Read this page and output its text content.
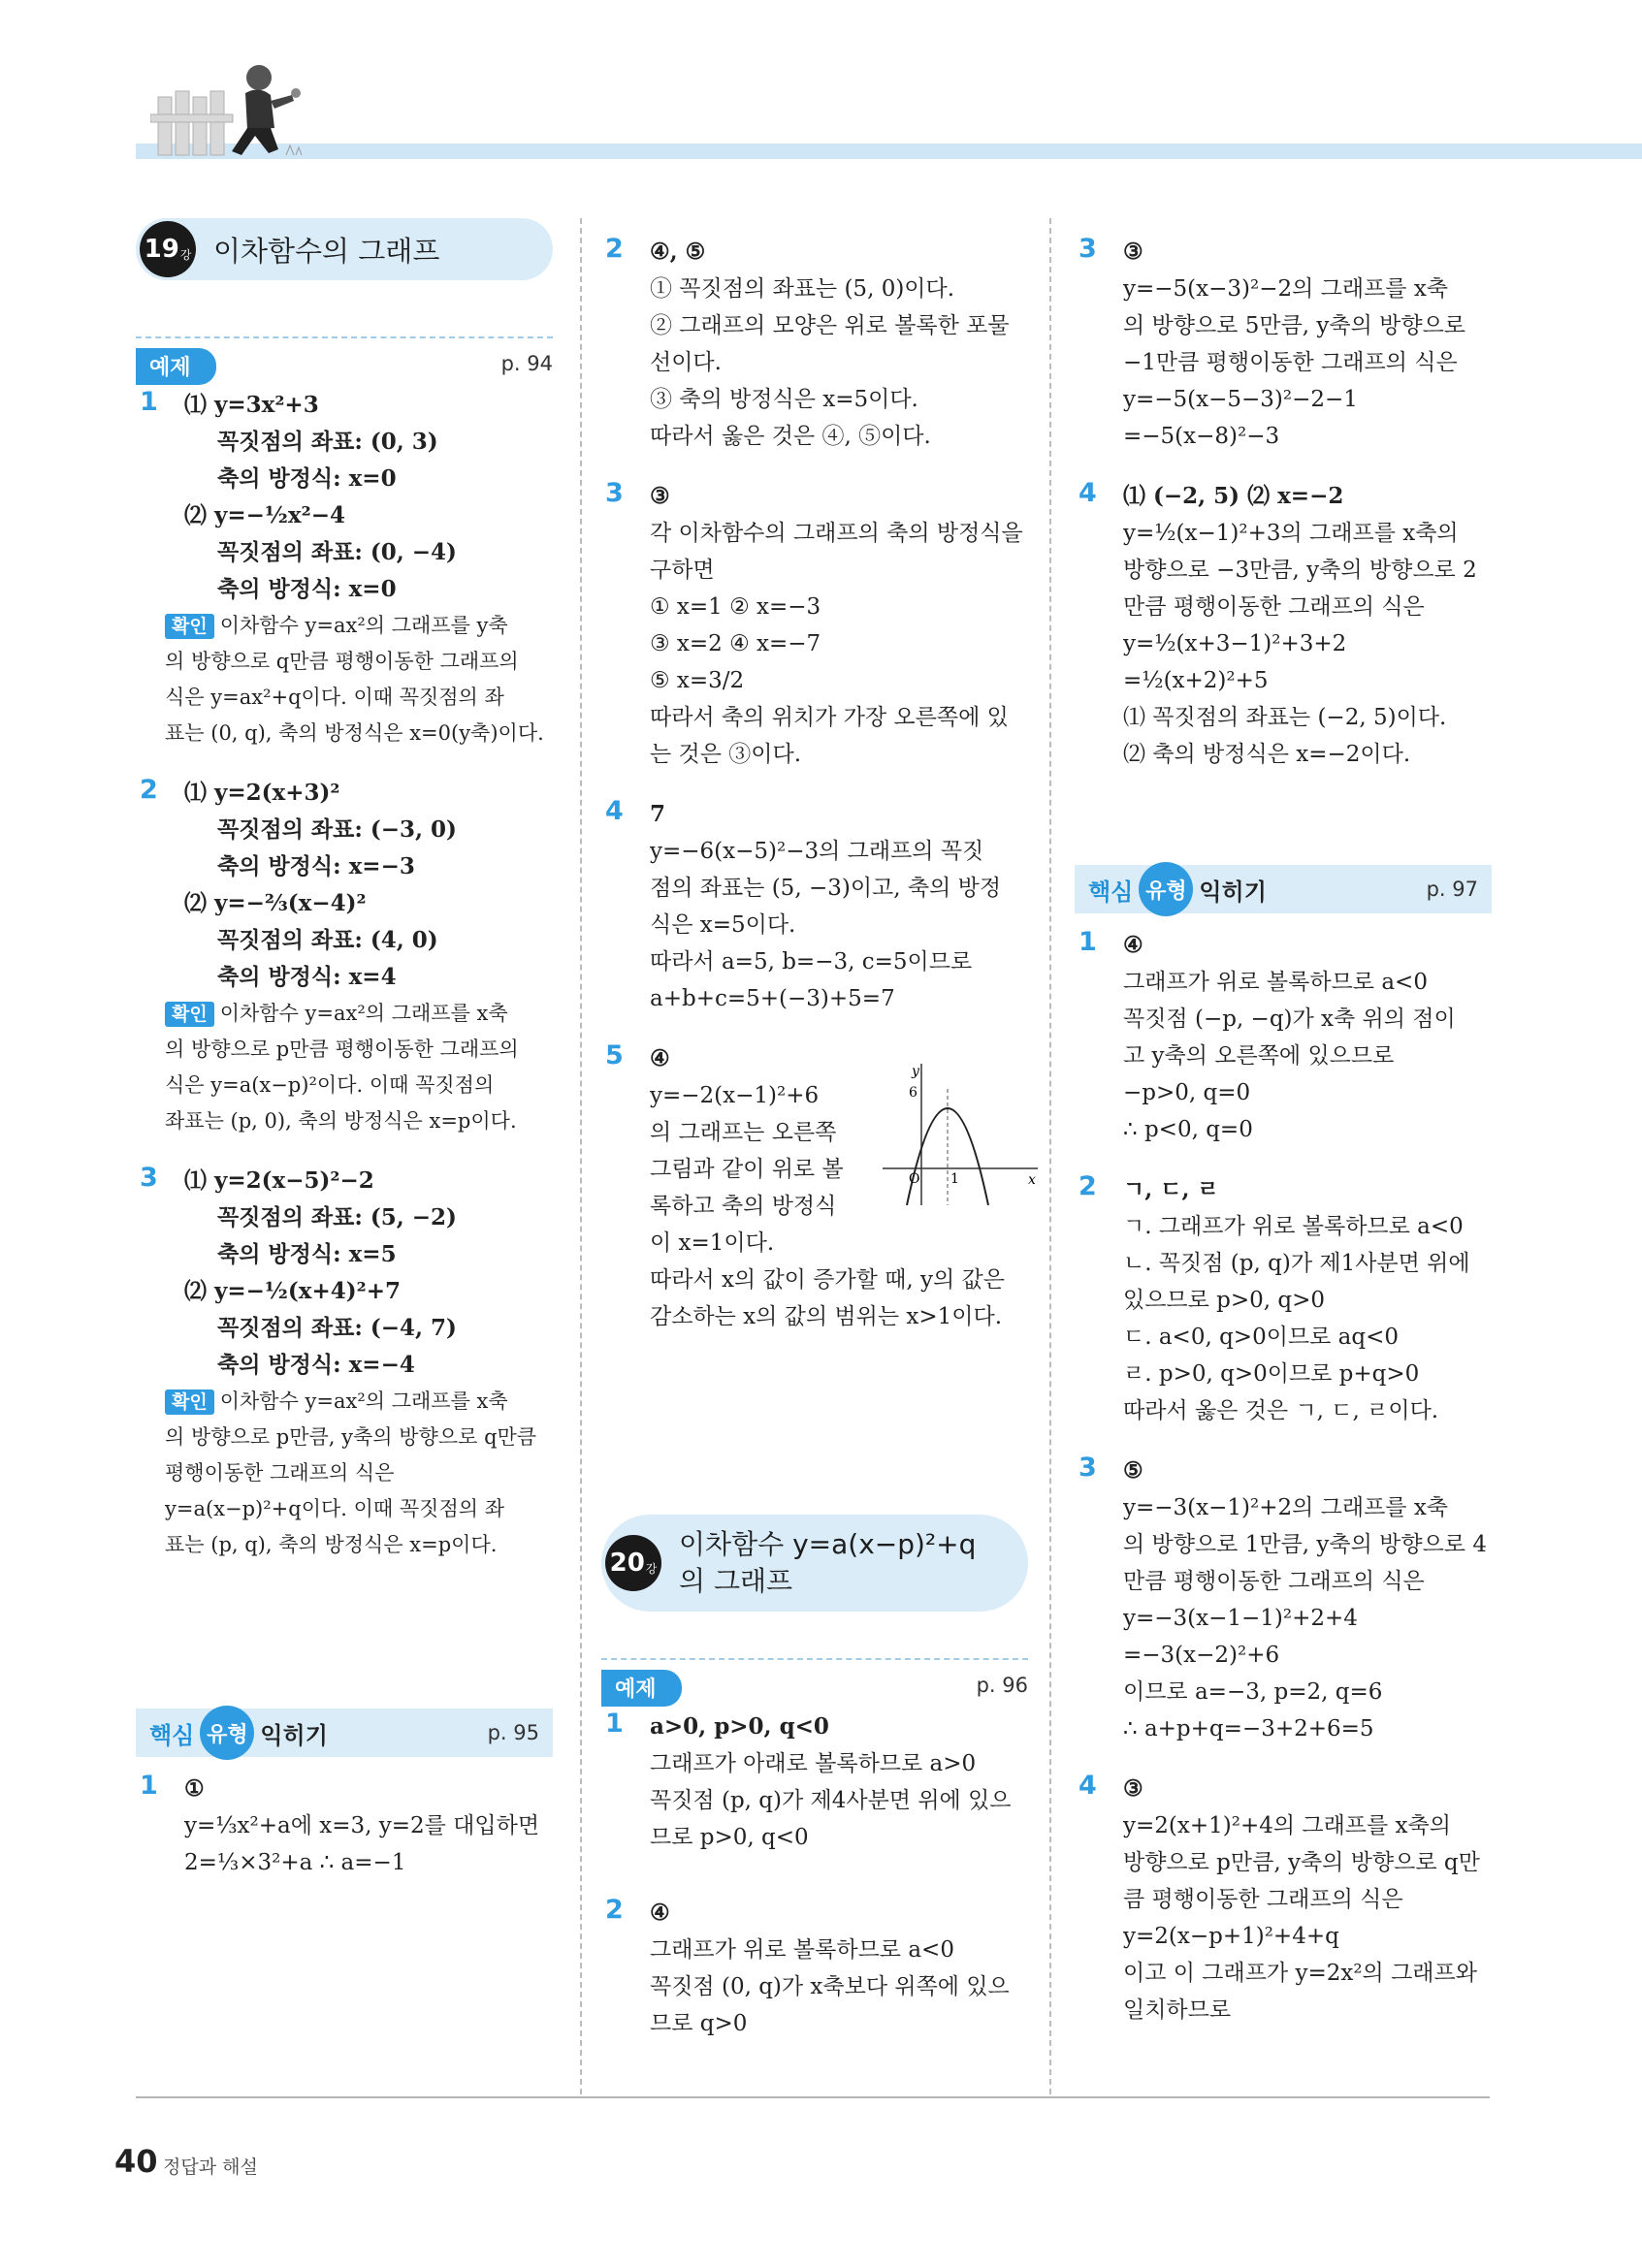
19 강 이차함수의 그래프
예제	p. 94
1 ⑴ y=3x²+3
꼭짓점의 좌표: (0, 3)
축의 방정식: x=0
⑵ y=−½x²−4
꼭짓점의 좌표: (0, −4)
축의 방정식: x=0
확인 이차함수 y=ax²의 그래프를 y축
의 방향으로 q만큼 평행이동한 그래프의
식은 y=ax²+q이다. 이때 꼭짓점의 좌
표는 (0, q), 축의 방정식은 x=0(y축)이다.
2 ⑴ y=2(x+3)²
꼭짓점의 좌표: (−3, 0)
축의 방정식: x=−3
⑵ y=−⅔(x−4)²
꼭짓점의 좌표: (4, 0)
축의 방정식: x=4
확인 이차함수 y=ax²의 그래프를 x축
의 방향으로 p만큼 평행이동한 그래프의
식은 y=a(x−p)²이다. 이때 꼭짓점의
좌표는 (p, 0), 축의 방정식은 x=p이다.
3 ⑴ y=2(x−5)²−2
꼭짓점의 좌표: (5, −2)
축의 방정식: x=5
⑵ y=−½(x+4)²+7
꼭짓점의 좌표: (−4, 7)
축의 방정식: x=−4
확인 이차함수 y=ax²의 그래프를 x축
의 방향으로 p만큼, y축의 방향으로 q만큼
평행이동한 그래프의 식은
y=a(x−p)²+q이다. 이때 꼭짓점의 좌
표는 (p, q), 축의 방정식은 x=p이다.
핵심 유형 익히기	p. 95
1 ①
y=⅓x²+a에 x=3, y=2를 대입하면
2=⅓×3²+a ∴ a=−1
2 ④, ⑤
① 꼭짓점의 좌표는 (5, 0)이다.
② 그래프의 모양은 위로 볼록한 포물
선이다.
③ 축의 방정식은 x=5이다.
따라서 옳은 것은 ④, ⑤이다.
3 ③
각 이차함수의 그래프의 축의 방정식을
구하면
① x=1 ② x=−3
③ x=2 ④ x=−7
⑤ x=3/2
따라서 축의 위치가 가장 오른쪽에 있
는 것은 ③이다.
4 7
y=−6(x−5)²−3의 그래프의 꼭짓
점의 좌표는 (5, −3)이고, 축의 방정
식은 x=5이다.
따라서 a=5, b=−3, c=5이므로
a+b+c=5+(−3)+5=7
5 ④
y=−2(x−1)²+6
의 그래프는 오른쪽
그림과 같이 위로 볼
록하고 축의 방정식
이 x=1이다.
따라서 x의 값이 증가할 때, y의 값은
감소하는 x의 값의 범위는 x>1이다.
y
x
O
6
1
20 강
이차함수 y=a(x−p)²+q
의 그래프
예제	p. 96
1 a>0, p>0, q<0
그래프가 아래로 볼록하므로 a>0
꼭짓점 (p, q)가 제4사분면 위에 있으
므로 p>0, q<0
2 ④
그래프가 위로 볼록하므로 a<0
꼭짓점 (0, q)가 x축보다 위쪽에 있으
므로 q>0
3 ③
y=−5(x−3)²−2의 그래프를 x축
의 방향으로 5만큼, y축의 방향으로
−1만큼 평행이동한 그래프의 식은
y=−5(x−5−3)²−2−1
=−5(x−8)²−3
4 ⑴ (−2, 5) ⑵ x=−2
y=½(x−1)²+3의 그래프를 x축의
방향으로 −3만큼, y축의 방향으로 2
만큼 평행이동한 그래프의 식은
y=½(x+3−1)²+3+2
=½(x+2)²+5
⑴ 꼭짓점의 좌표는 (−2, 5)이다.
⑵ 축의 방정식은 x=−2이다.
핵심 유형 익히기	p. 97
1 ④
그래프가 위로 볼록하므로 a<0
꼭짓점 (−p, −q)가 x축 위의 점이
고 y축의 오른쪽에 있으므로
−p>0, q=0
∴ p<0, q=0
2 ㄱ, ㄷ, ㄹ
ㄱ. 그래프가 위로 볼록하므로 a<0
ㄴ. 꼭짓점 (p, q)가 제1사분면 위에
있으므로 p>0, q>0
ㄷ. a<0, q>0이므로 aq<0
ㄹ. p>0, q>0이므로 p+q>0
따라서 옳은 것은 ㄱ, ㄷ, ㄹ이다.
3 ⑤
y=−3(x−1)²+2의 그래프를 x축
의 방향으로 1만큼, y축의 방향으로 4
만큼 평행이동한 그래프의 식은
y=−3(x−1−1)²+2+4
=−3(x−2)²+6
이므로 a=−3, p=2, q=6
∴ a+p+q=−3+2+6=5
4 ③
y=2(x+1)²+4의 그래프를 x축의
방향으로 p만큼, y축의 방향으로 q만
큼 평행이동한 그래프의 식은
y=2(x−p+1)²+4+q
이고 이 그래프가 y=2x²의 그래프와
일치하므로
40 정답과 해설
